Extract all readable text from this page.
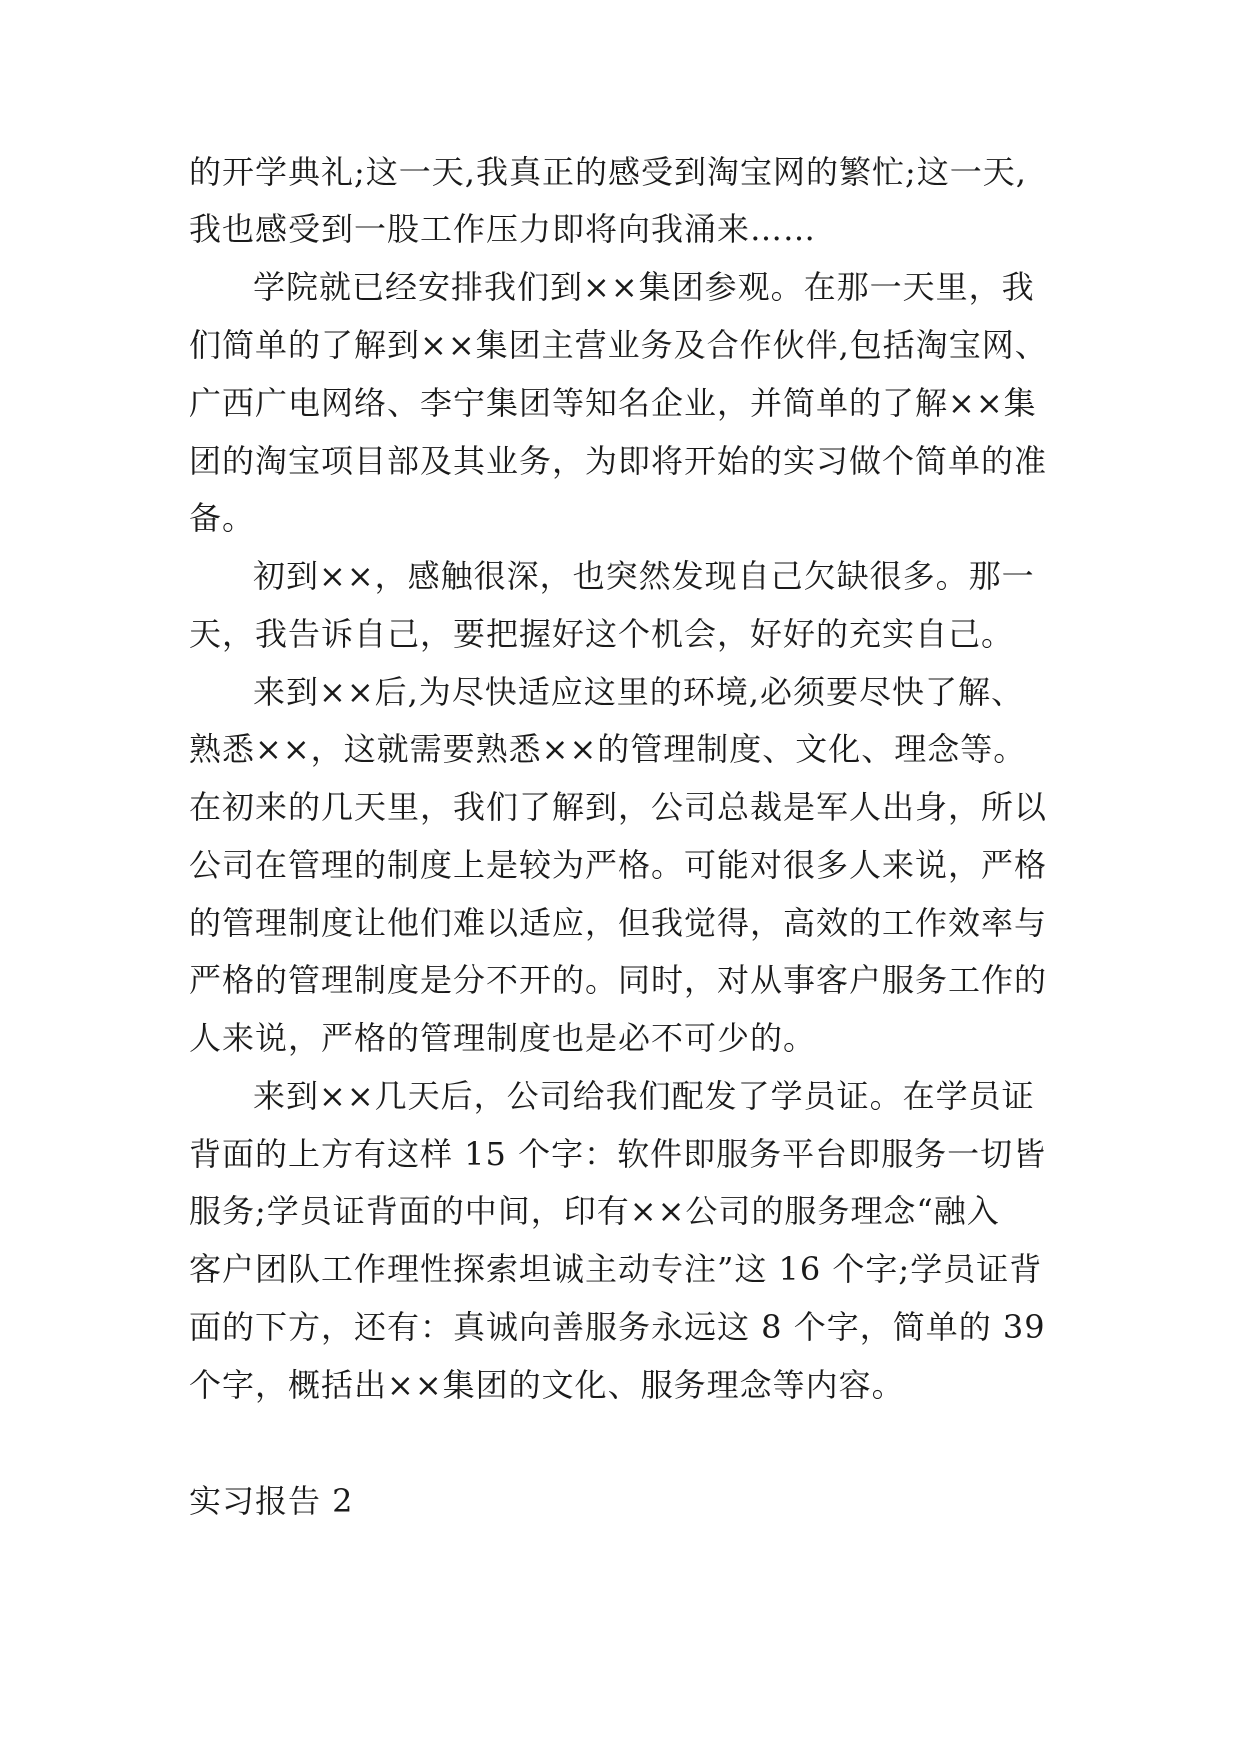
的开学典礼;这一天,我真正的感受到淘宝网的繁忙;这一天,
我也感受到一股工作压力即将向我涌来……
学院就已经安排我们到××集团参观。在那一天里，我
们简单的了解到××集团主营业务及合作伙伴,包括淘宝网、
广西广电网络、李宁集团等知名企业，并简单的了解××集
团的淘宝项目部及其业务，为即将开始的实习做个简单的准
备。
初到××，感触很深，也突然发现自己欠缺很多。那一
天，我告诉自己，要把握好这个机会，好好的充实自己。
来到××后,为尽快适应这里的环境,必须要尽快了解、
熟悉××，这就需要熟悉××的管理制度、文化、理念等。
在初来的几天里，我们了解到，公司总裁是军人出身，所以
公司在管理的制度上是较为严格。可能对很多人来说，严格
的管理制度让他们难以适应，但我觉得，高效的工作效率与
严格的管理制度是分不开的。同时，对从事客户服务工作的
人来说，严格的管理制度也是必不可少的。
来到××几天后，公司给我们配发了学员证。在学员证
背面的上方有这样 15 个字：软件即服务平台即服务一切皆
服务;学员证背面的中间，印有××公司的服务理念“融入
客户团队工作理性探索坦诚主动专注”这 16 个字;学员证背
面的下方，还有：真诚向善服务永远这 8 个字，简单的 39
个字，概括出××集团的文化、服务理念等内容。
实习报告 2
